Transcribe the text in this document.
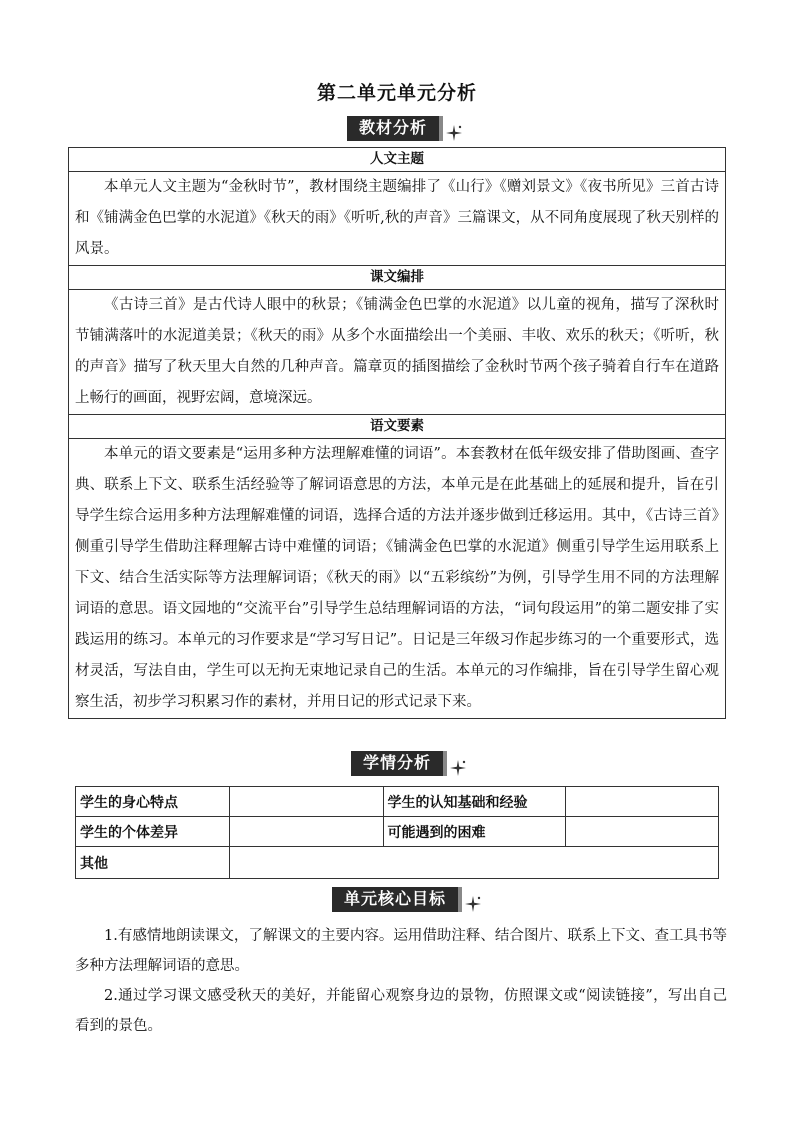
第二单元单元分析
教材分析
人文主题
本单元人文主题为“金秋时节”，教材围绕主题编排了《山行》《赠刘景文》《夜书所见》三首古诗和《铺满金色巴掌的水泥道》《秋天的雨》《听听,秋的声音》三篇课文，从不同角度展现了秋天别样的风景。
课文编排
《古诗三首》是古代诗人眼中的秋景；《铺满金色巴掌的水泥道》以儿童的视角，描写了深秋时节铺满落叶的水泥道美景；《秋天的雨》从多个水面描绘出一个美丽、丰收、欢乐的秋天；《听听，秋的声音》描写了秋天里大自然的几种声音。篇章页的插图描绘了金秋时节两个孩子骑着自行车在道路上畅行的画面，视野宏阔，意境深远。
语文要素
本单元的语文要素是“运用多种方法理解难懂的词语”。本套教材在低年级安排了借助图画、查字典、联系上下文、联系生活经验等了解词语意思的方法，本单元是在此基础上的延展和提升，旨在引导学生综合运用多种方法理解难懂的词语，选择合适的方法并逐步做到迁移运用。其中，《古诗三首》侧重引导学生借助注释理解古诗中难懂的词语；《铺满金色巴掌的水泥道》侧重引导学生运用联系上下文、结合生活实际等方法理解词语；《秋天的雨》以“五彩缤纷”为例，引导学生用不同的方法理解词语的意思。语文园地的“交流平台”引导学生总结理解词语的方法，“词句段运用”的第二题安排了实践运用的练习。本单元的习作要求是“学习写日记”。日记是三年级习作起步练习的一个重要形式，选材灵活，写法自由，学生可以无拘无束地记录自己的生活。本单元的习作编排，旨在引导学生留心观察生活，初步学习积累习作的素材，并用日记的形式记录下来。
学情分析
学生的身心特点		学生的认知基础和经验	
学生的个体差异		可能遇到的困难	
其他			
单元核心目标

1.有感情地朗读课文，了解课文的主要内容。运用借助注释、结合图片、联系上下文、查工具书等多种方法理解词语的意思。

2.通过学习课文感受秋天的美好，并能留心观察身边的景物，仿照课文或“阅读链接”，写出自己看到的景色。
